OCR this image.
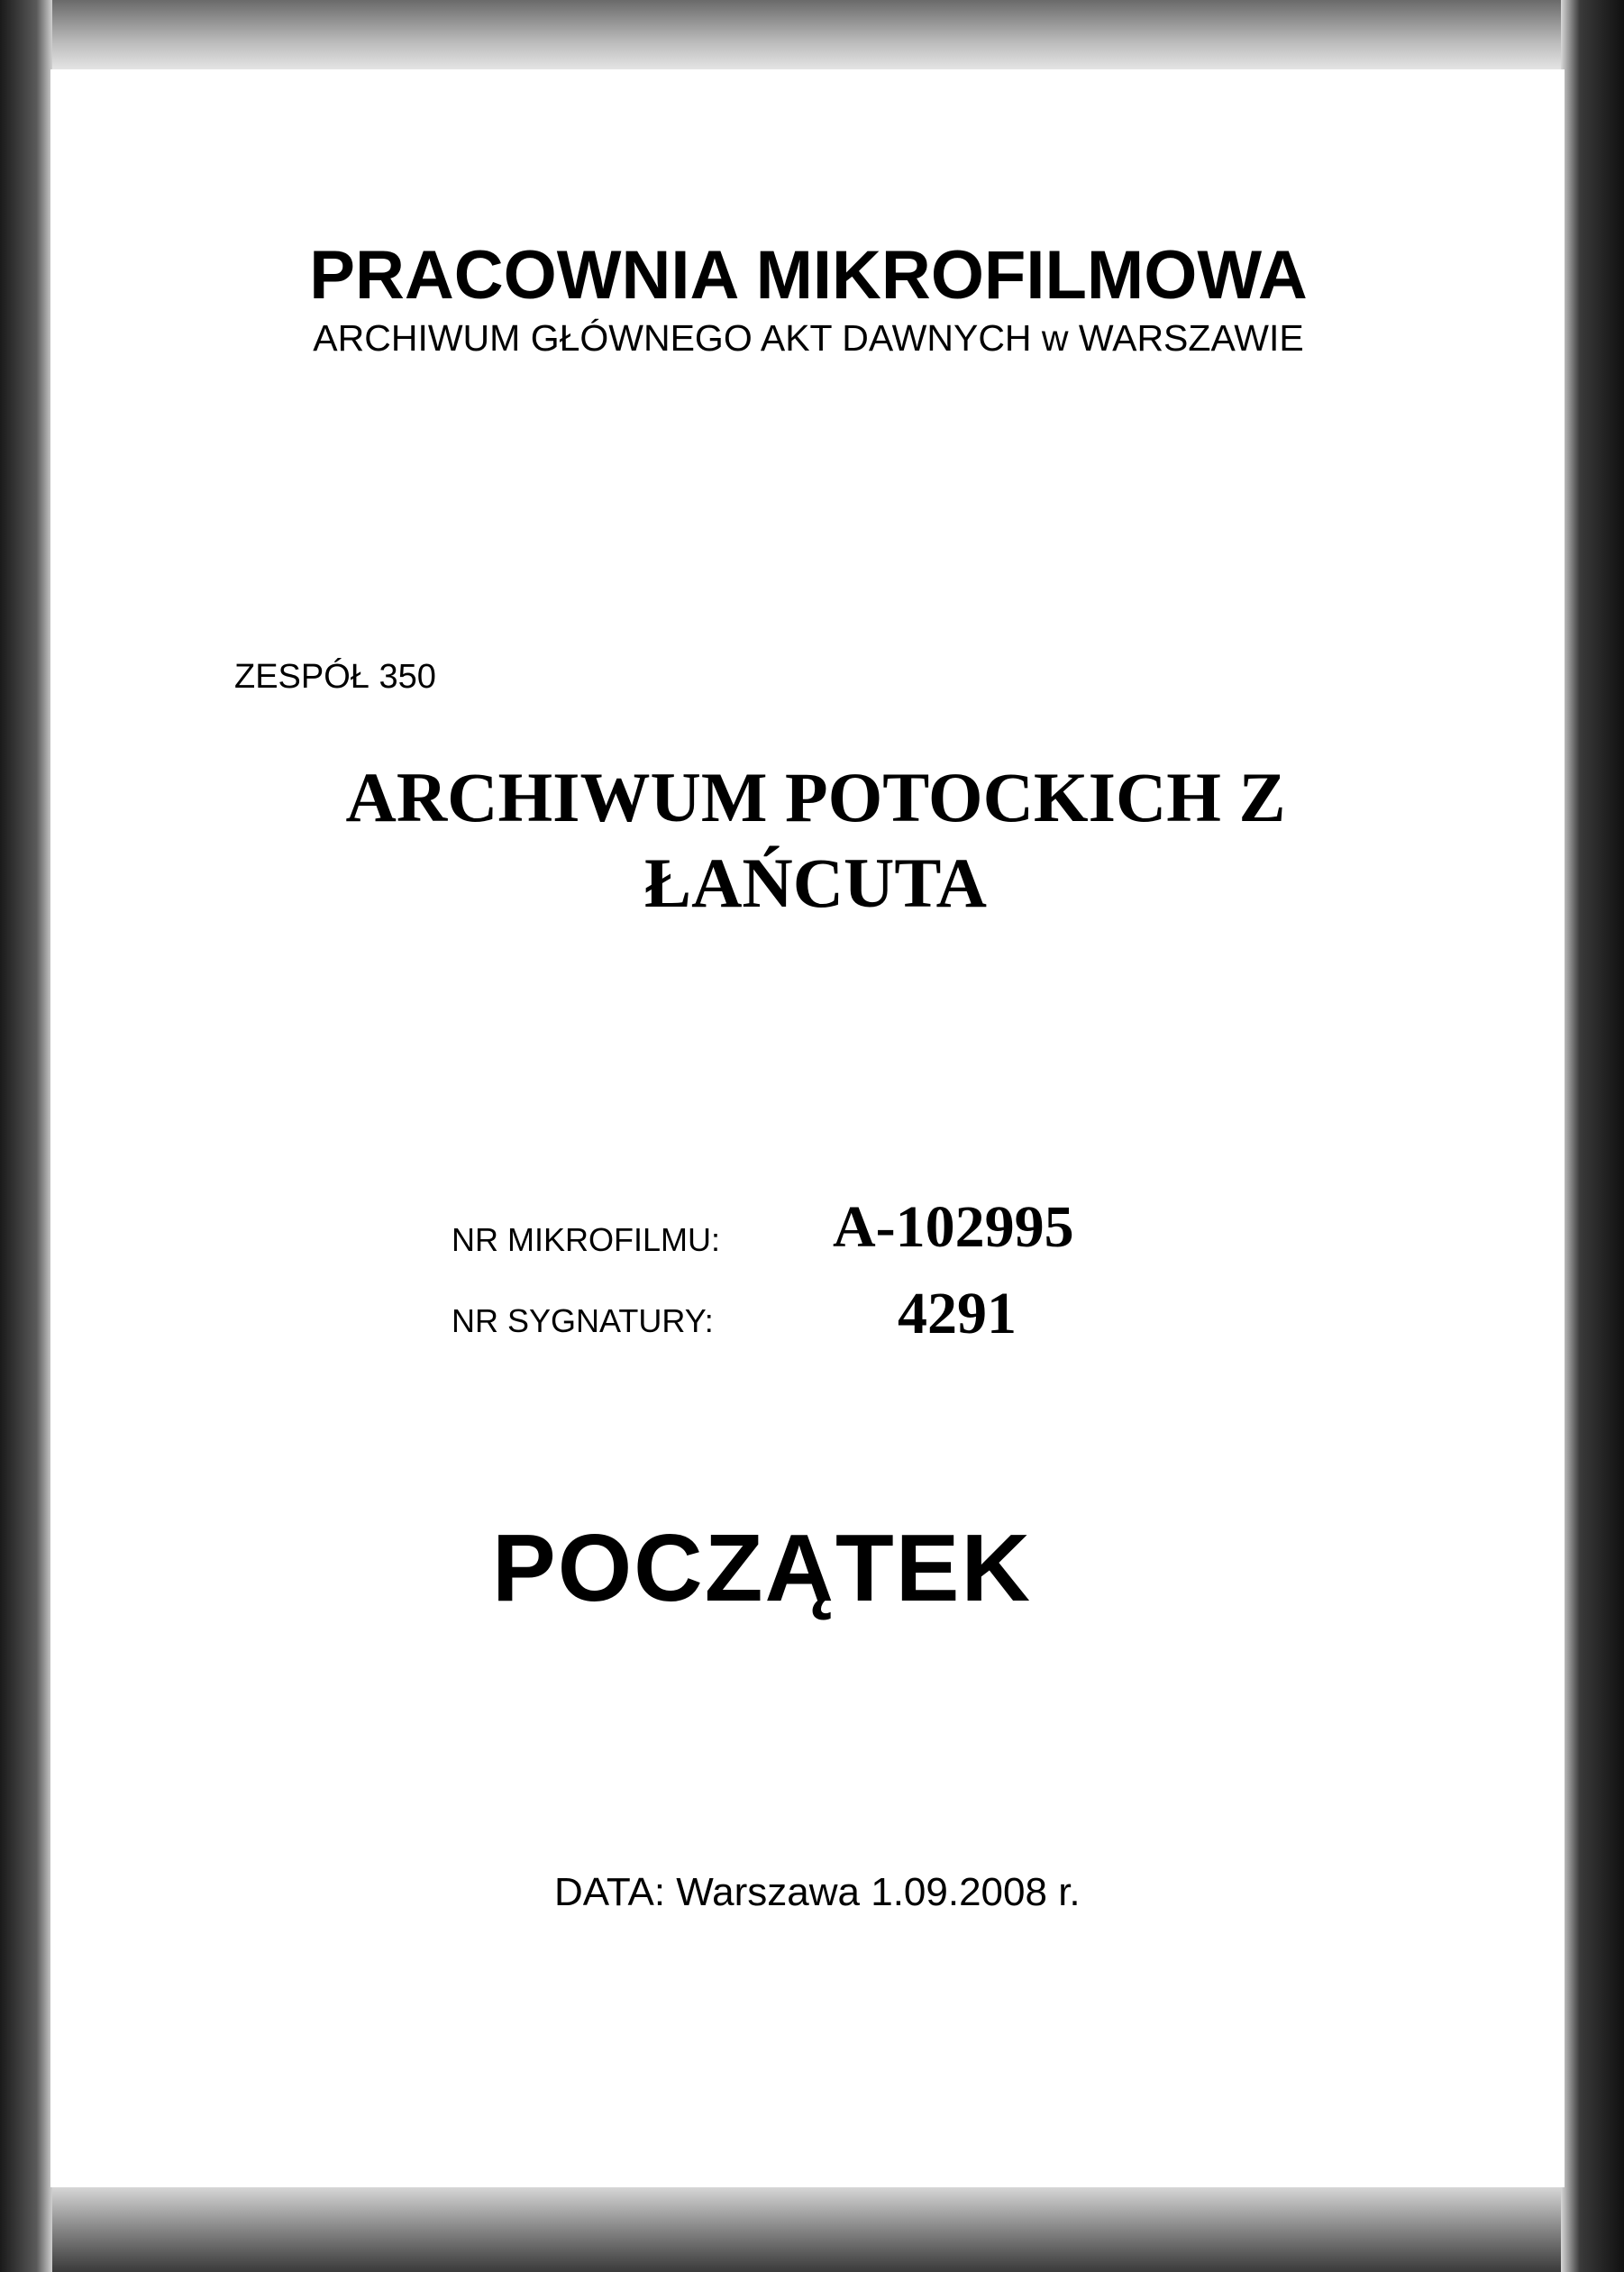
PRACOWNIA MIKROFILMOWA
ARCHIWUM GŁÓWNEGO AKT DAWNYCH w WARSZAWIE
ZESPÓŁ 350
ARCHIWUM POTOCKICH Z
ŁAŃCUTA
NR MIKROFILMU: A-102995
NR SYGNATURY:	4291
POCZĄTEK
DATA: Warszawa 1.09.2008 r.
